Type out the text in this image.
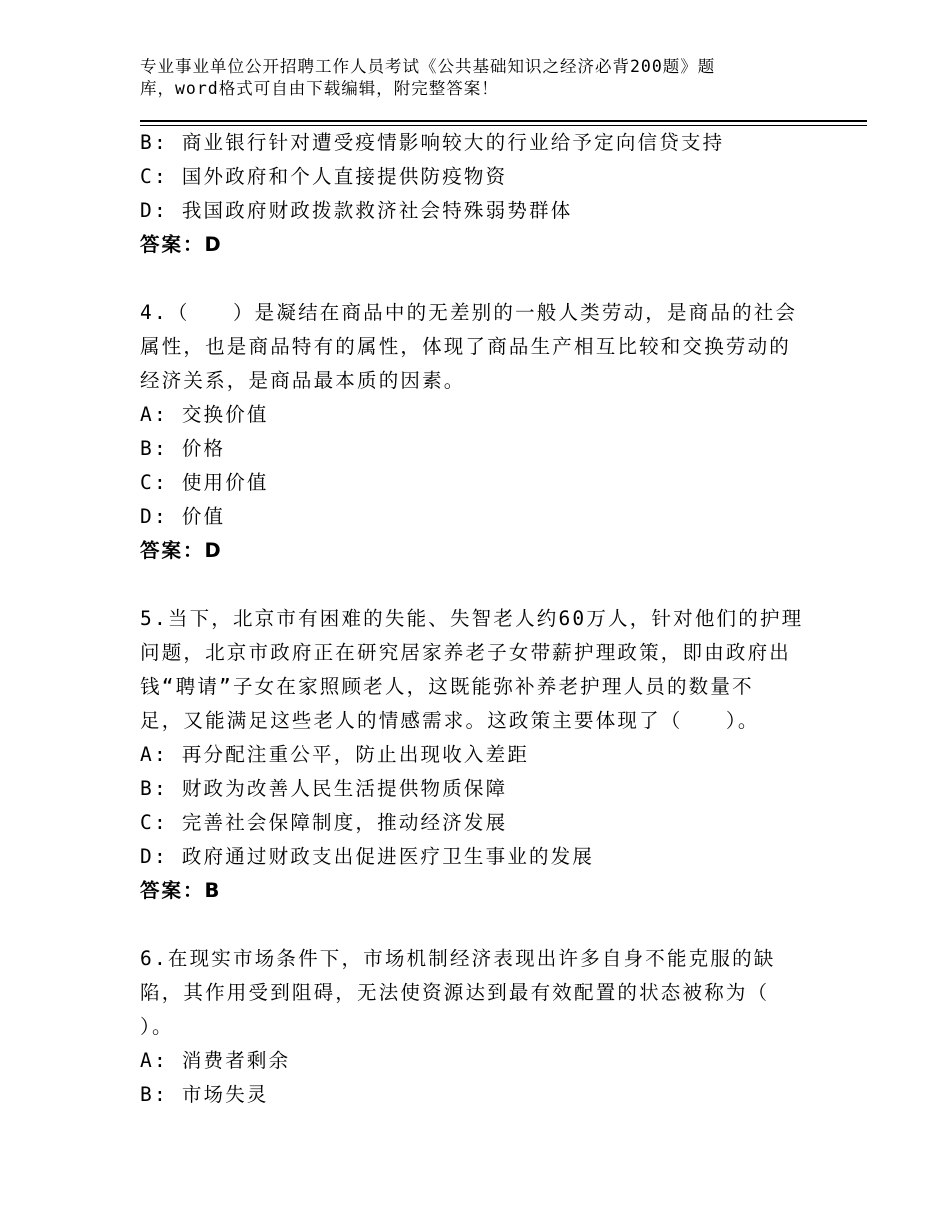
专业事业单位公开招聘工作人员考试《公共基础知识之经济必背200题》题
库，word格式可自由下载编辑，附完整答案！
B: 商业银行针对遭受疫情影响较大的行业给予定向信贷支持
C: 国外政府和个人直接提供防疫物资
D: 我国政府财政拨款救济社会特殊弱势群体
答案：D
4.（　　）是凝结在商品中的无差别的一般人类劳动，是商品的社会
属性，也是商品特有的属性，体现了商品生产相互比较和交换劳动的
经济关系，是商品最本质的因素。
A: 交换价值
B: 价格
C: 使用价值
D: 价值
答案：D
5.当下，北京市有困难的失能、失智老人约60万人，针对他们的护理
问题，北京市政府正在研究居家养老子女带薪护理政策，即由政府出
钱“聘请”子女在家照顾老人，这既能弥补养老护理人员的数量不
足，又能满足这些老人的情感需求。这政策主要体现了（　　）。
A: 再分配注重公平，防止出现收入差距
B: 财政为改善人民生活提供物质保障
C: 完善社会保障制度，推动经济发展
D: 政府通过财政支出促进医疗卫生事业的发展
答案：B
6.在现实市场条件下，市场机制经济表现出许多自身不能克服的缺
陷，其作用受到阻碍，无法使资源达到最有效配置的状态被称为（
）。
A: 消费者剩余
B: 市场失灵
